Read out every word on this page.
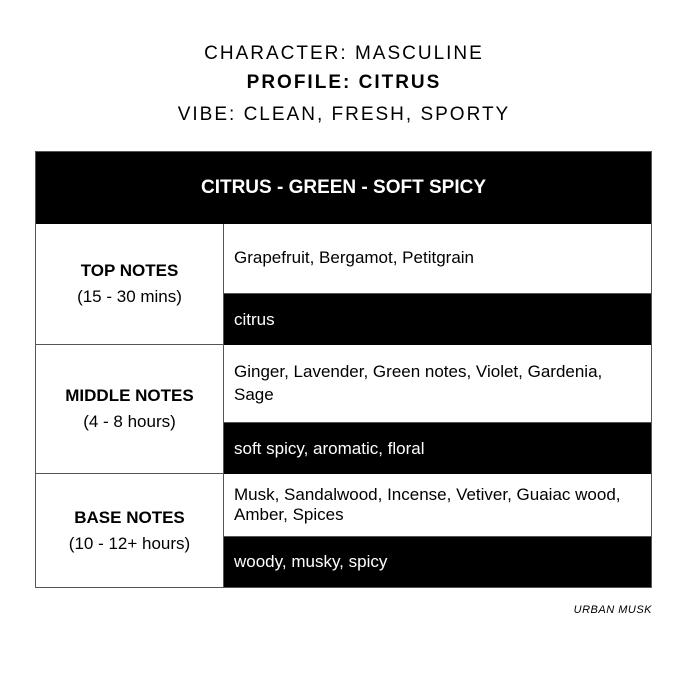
CHARACTER: MASCULINE
PROFILE: CITRUS
VIBE: CLEAN, FRESH, SPORTY
CITRUS - GREEN - SOFT SPICY
TOP NOTES
(15 - 30 mins)
Grapefruit, Bergamot, Petitgrain
citrus
MIDDLE NOTES
(4 - 8 hours)
Ginger, Lavender, Green notes, Violet, Gardenia, Sage
soft spicy, aromatic, floral
BASE NOTES
(10 - 12+ hours)
Musk, Sandalwood, Incense, Vetiver, Guaiac wood, Amber, Spices
woody, musky, spicy
URBAN MUSK
